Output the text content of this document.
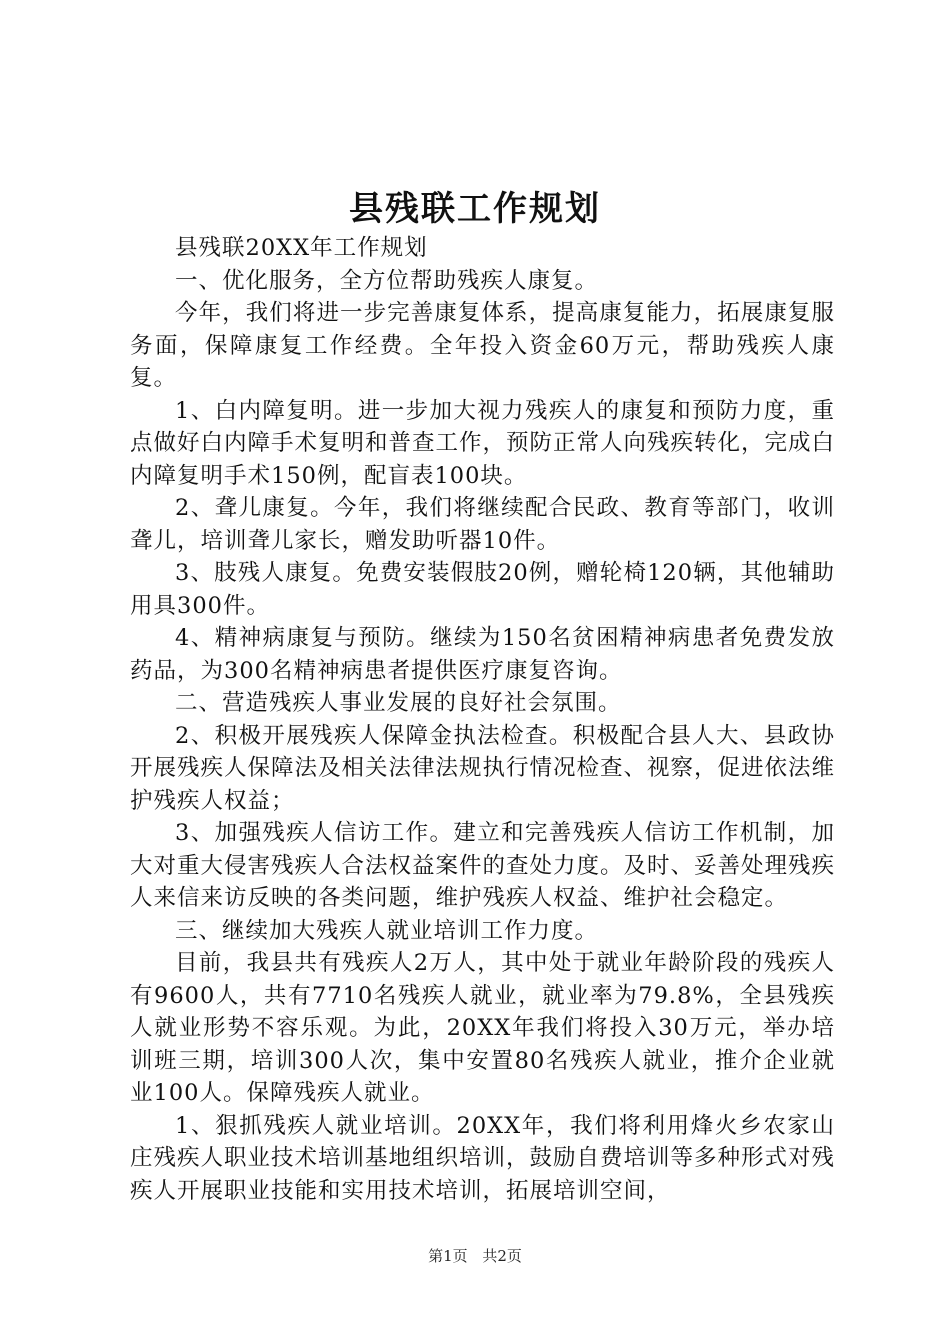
县残联工作规划

县残联20XX年工作规划

一、优化服务，全方位帮助残疾人康复。

今年，我们将进一步完善康复体系，提高康复能力，拓展康复服务面，保障康复工作经费。全年投入资金60万元，帮助残疾人康复。

1、白内障复明。进一步加大视力残疾人的康复和预防力度，重点做好白内障手术复明和普查工作，预防正常人向残疾转化，完成白内障复明手术150例，配盲表100块。

2、聋儿康复。今年，我们将继续配合民政、教育等部门，收训聋儿，培训聋儿家长，赠发助听器10件。

3、肢残人康复。免费安装假肢20例，赠轮椅120辆，其他辅助用具300件。

4、精神病康复与预防。继续为150名贫困精神病患者免费发放药品，为300名精神病患者提供医疗康复咨询。

二、营造残疾人事业发展的良好社会氛围。

2、积极开展残疾人保障金执法检查。积极配合县人大、县政协开展残疾人保障法及相关法律法规执行情况检查、视察，促进依法维护残疾人权益；

3、加强残疾人信访工作。建立和完善残疾人信访工作机制，加大对重大侵害残疾人合法权益案件的查处力度。及时、妥善处理残疾人来信来访反映的各类问题，维护残疾人权益、维护社会稳定。

三、继续加大残疾人就业培训工作力度。

目前，我县共有残疾人2万人，其中处于就业年龄阶段的残疾人有9600人，共有7710名残疾人就业，就业率为79.8%，全县残疾人就业形势不容乐观。为此，20XX年我们将投入30万元，举办培训班三期，培训300人次，集中安置80名残疾人就业，推介企业就业100人。保障残疾人就业。

1、狠抓残疾人就业培训。20XX年，我们将利用烽火乡农家山庄残疾人职业技术培训基地组织培训，鼓励自费培训等多种形式对残疾人开展职业技能和实用技术培训，拓展培训空间，

第1页 共2页
